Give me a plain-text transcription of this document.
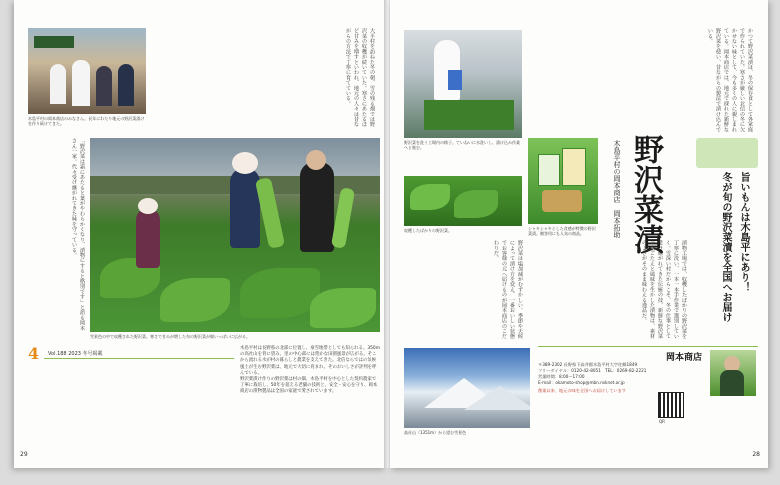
木島平村の岡本商店のみなさん。長年にわたり地元の野沢菜漬けを作り続けてきた。	大平村を訪ねた冬の朝、雪の残る畑では野沢菜の収穫が続いていた。寒さにあたるほど甘みを増すといわれ、地元の人々は昔ながらの方法で丁寧に育てている。
雪景色の中で収穫された野沢菜。寒さで甘みが増した旬の野沢菜が畑いっぱいに広がる。
「野沢菜は霜にあたると葉がやわらかくなり、漬物にすると格別です」と語る岡本さん一家。代々受け継がれてきた味を守っている。
4	Vol.188 2023 冬号掲載
木島平村は長野県の北部に位置し、豪雪地帯としても知られる。350mの高社山を背に望み、里の中心部には豊かな田園風景が広がる。そこから流れる水が村の暮らしと農業を支えてきた。北信ならではの気候風土が生む野沢菜は、地元で大切に育まれ、そのおいしさが評判を呼んでいる。
野沢菜漬け作りの野沢菜は村の畑、木島平村を中心とした契約農家で丁寧に栽培し、50年を超える老舗の技術と、安全・安心を守り、岡本商店の漬物製品は全国の家庭で愛されています。
29
野沢菜を洗う工場内の様子。ていねいに水洗いし、漬け込み作業へと進む。
かつて野沢菜漬は、冬の保存食として各家庭で作られていた。寒さが厳しい北信の冬に欠かせない味として、今も多くの人に親しまれている。岡本商店では、地元で採れた新鮮な野沢菜を使い、昔ながらの製法で漬け込んでいる。
シャキシャキとした食感が特徴の野沢菜漬。贈答用にも人気の商品。
収穫したばかりの野沢菜。	野沢菜漬
木島平村の岡本商店　岡本拓助	旨いもんは木島平にあり！
冬が旬の野沢菜漬を全国へお届け
野沢菜は塩加減がむずかしい。季節や天候によって漬け方を変え、一番おいしい状態でお客様の元へ届けるのが岡本商店のこだわりだ。	漬物工場では、収穫したばかりの野沢菜を丁寧に洗い、一本一本手作業で選別していく。雪深い村だからこそ、冬の仕事として受け継がれてきた伝統の技。新鮮な野沢菜の歯ごたえと風味を生かした漬物は、素材のよさがそのまま味わえる逸品だ。
高社山（1351m）から望む雪景色
岡本商店
〒389-2302 長野県下高井郡木島平村大字往郷1849
フリーダイヤル：0120-42-8051　TEL：0269-82-2221
営業時間：8:00〜17:00
E-mail：okamoto-shop@mbn.nsknet.or.jp
創業以来、地元の味を全国へお届けしています
QR
28
